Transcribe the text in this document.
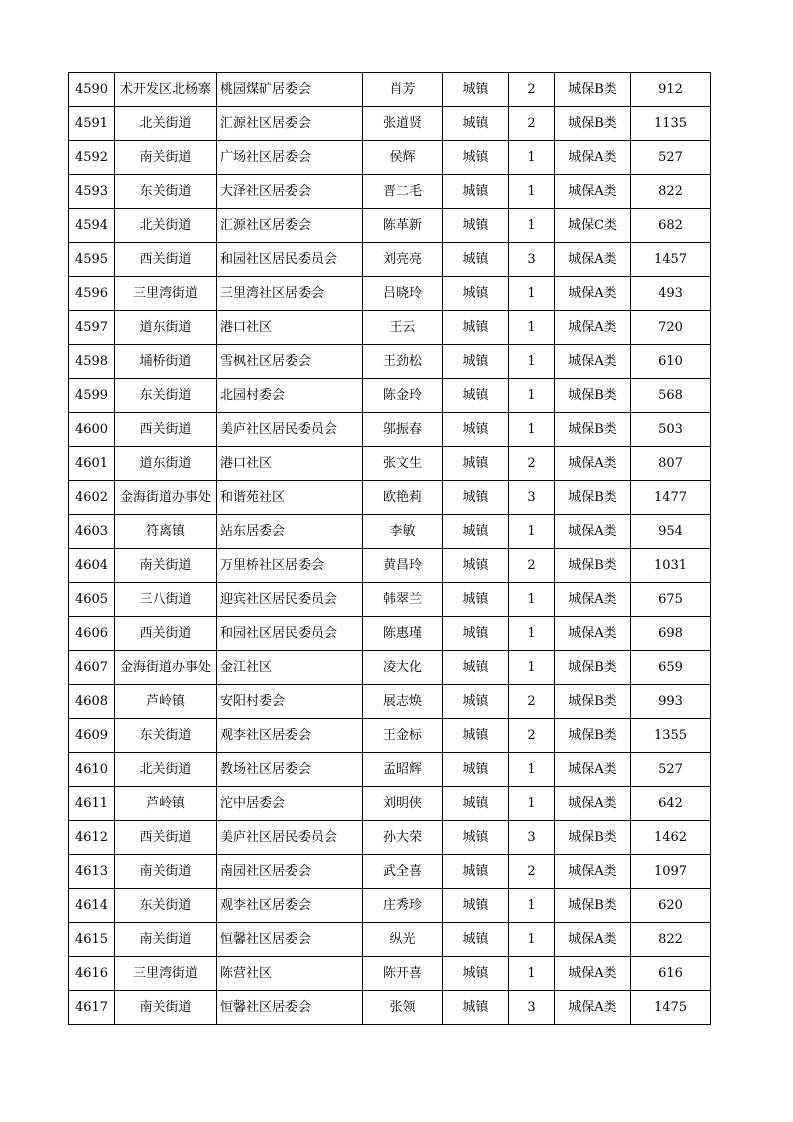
4590	术开发区北杨寨	桃园煤矿居委会	肖芳	城镇	2	城保B类	912
4591	北关街道	汇源社区居委会	张道贤	城镇	2	城保B类	1135
4592	南关街道	广场社区居委会	侯辉	城镇	1	城保A类	527
4593	东关街道	大泽社区居委会	晋二毛	城镇	1	城保A类	822
4594	北关街道	汇源社区居委会	陈革新	城镇	1	城保C类	682
4595	西关街道	和园社区居民委员会	刘亮亮	城镇	3	城保A类	1457
4596	三里湾街道	三里湾社区居委会	吕晓玲	城镇	1	城保A类	493
4597	道东街道	港口社区	王云	城镇	1	城保A类	720
4598	埇桥街道	雪枫社区居委会	王劲松	城镇	1	城保A类	610
4599	东关街道	北园村委会	陈金玲	城镇	1	城保B类	568
4600	西关街道	美庐社区居民委员会	邬振春	城镇	1	城保B类	503
4601	道东街道	港口社区	张文生	城镇	2	城保A类	807
4602	金海街道办事处	和谐苑社区	欧艳莉	城镇	3	城保B类	1477
4603	符离镇	站东居委会	李敏	城镇	1	城保A类	954
4604	南关街道	万里桥社区居委会	黄昌玲	城镇	2	城保B类	1031
4605	三八街道	迎宾社区居民委员会	韩翠兰	城镇	1	城保A类	675
4606	西关街道	和园社区居民委员会	陈惠瑾	城镇	1	城保A类	698
4607	金海街道办事处	金江社区	凌大化	城镇	1	城保B类	659
4608	芦岭镇	安阳村委会	展志焕	城镇	2	城保B类	993
4609	东关街道	观李社区居委会	王金标	城镇	2	城保B类	1355
4610	北关街道	教场社区居委会	孟昭辉	城镇	1	城保A类	527
4611	芦岭镇	沱中居委会	刘明侠	城镇	1	城保A类	642
4612	西关街道	美庐社区居民委员会	孙大荣	城镇	3	城保B类	1462
4613	南关街道	南园社区居委会	武全喜	城镇	2	城保A类	1097
4614	东关街道	观李社区居委会	庄秀珍	城镇	1	城保B类	620
4615	南关街道	恒馨社区居委会	纵光	城镇	1	城保A类	822
4616	三里湾街道	陈营社区	陈开喜	城镇	1	城保A类	616
4617	南关街道	恒馨社区居委会	张领	城镇	3	城保A类	1475
